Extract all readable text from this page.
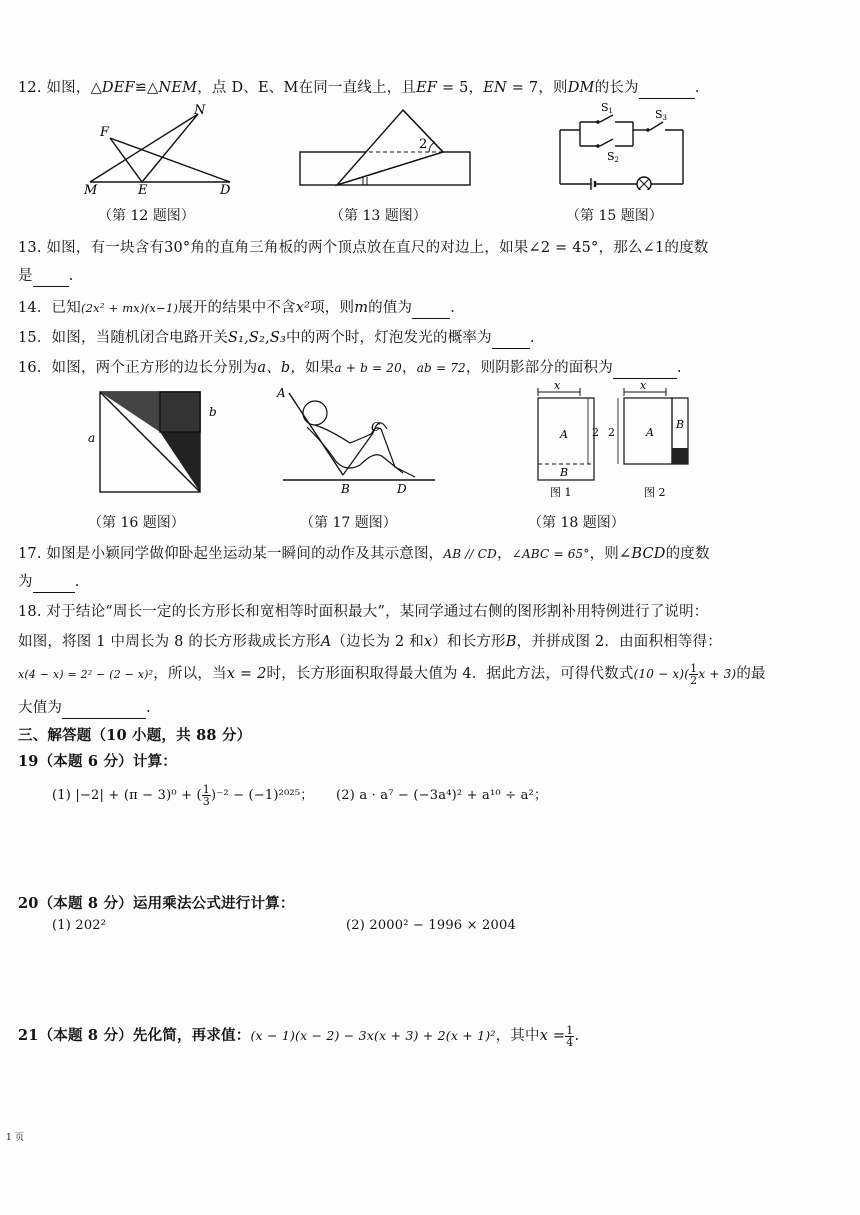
12. 如图，△DEF≌△NEM，点 D、E、M在同一直线上，且EF = 5，EN = 7，则DM的长为	.
F
N
M	E	D
（第 12 题图）
2
（第 13 题图）
S1
S2
S3
（第 15 题图）
13. 如图，有一块含有30°角的直角三角板的两个顶点放在直尺的对边上，如果∠2 = 45°，那么∠1的度数
是 .
14．已知(2x² + mx)(x−1)展开的结果中不含x²项，则m的值为	.
15．如图，当随机闭合电路开关S₁,S₂,S₃中的两个时，灯泡发光的概率为	.
16．如图，两个正方形的边长分别为a、b，如果a + b = 20，ab = 72，则阴影部分的面积为	.
a
b
（第 16 题图）
A
B
C
D
（第 17 题图）
x
A
B
2
图 1
x
2	A
B
图 2
（第 18 题图）
17. 如图是小颖同学做仰卧起坐运动某一瞬间的动作及其示意图，AB // CD，∠ABC = 65°，则∠BCD的度数
为	.
18. 对于结论“周长一定的长方形长和宽相等时面积最大”，某同学通过右侧的图形割补用特例进行了说明：
如图，将图 1 中周长为 8 的长方形裁成长方形A（边长为 2 和x）和长方形B，并拼成图 2．由面积相等得：
x(4 − x) = 2² − (2 − x)²，所以，当x = 2时，长方形面积取得最大值为 4．据此方法，可得代数式$(10 - x)( \frac{1}{2}$ x + 3)的最
大值为	.
三、解答题（10 小题，共 88 分）
19（本题 6 分）计算：
(1) |−2| + (π − 3)⁰ + ( $\frac{1}{3} )^{-2} - (-1)^{2025}$； (2) a · a⁷ − (−3a⁴)² + a¹⁰ ÷ a²；
20（本题 8 分）运用乘法公式进行计算：
(1) 202²	(2) 2000² − 1996 × 2004
21（本题 8 分）先化简，再求值：(x − 1)(x − 2) − 3x(x + 3) + 2(x + 1)²，其中$x = \frac{1}{4}$ .
1 页
